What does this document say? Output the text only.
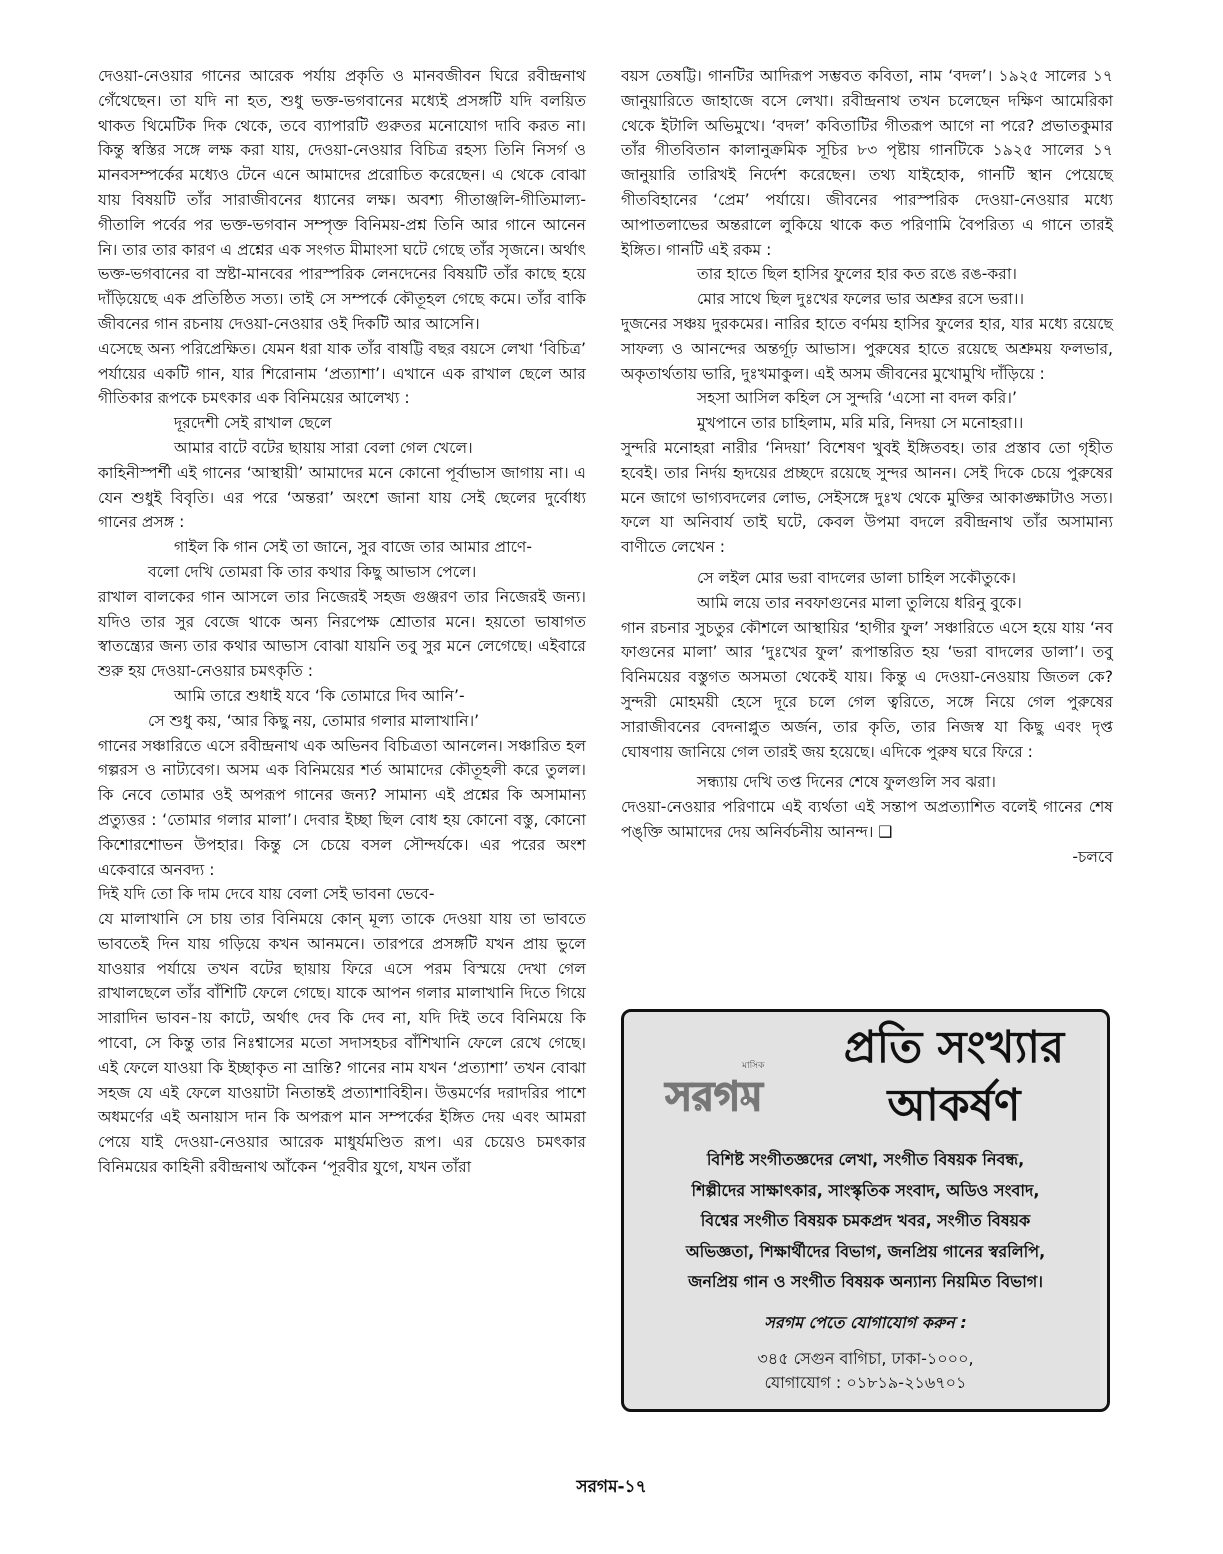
দেওয়া-নেওয়ার গানের আরেক পর্যায় প্রকৃতি ও মানবজীবন ঘিরে রবীন্দ্রনাথ গেঁথেছেন। তা যদি না হত, শুধু ভক্ত-ভগবানের মধ্যেই প্রসঙ্গটি যদি বলয়িত থাকত থিমেটিক দিক থেকে, তবে ব্যাপারটি গুরুতর মনোযোগ দাবি করত না। কিন্তু স্বস্তির সঙ্গে লক্ষ করা যায়, দেওয়া-নেওয়ার বিচিত্র রহস্য তিনি নিসর্গ ও মানবসম্পর্কের মধ্যেও টেনে এনে আমাদের প্ররোচিত করেছেন। এ থেকে বোঝা যায় বিষয়টি তাঁর সারাজীবনের ধ্যানের লক্ষ। অবশ্য গীতাঞ্জলি-গীতিমাল্য-গীতালি পর্বের পর ভক্ত-ভগবান সম্পৃক্ত বিনিময়-প্রশ্ন তিনি আর গানে আনেন নি। তার তার কারণ এ প্রশ্নের এক সংগত মীমাংসা ঘটে গেছে তাঁর সৃজনে। অর্থাৎ ভক্ত-ভগবানের বা স্রষ্টা-মানবের পারস্পরিক লেনদেনের বিষয়টি তাঁর কাছে হয়ে দাঁড়িয়েছে এক প্রতিষ্ঠিত সত্য। তাই সে সম্পর্কে কৌতূহল গেছে কমে। তাঁর বাকি জীবনের গান রচনায় দেওয়া-নেওয়ার ওই দিকটি আর আসেনি।

এসেছে অন্য পরিপ্রেক্ষিত। যেমন ধরা যাক তাঁর বাষট্টি বছর বয়সে লেখা ‘বিচিত্র’ পর্যায়ের একটি গান, যার শিরোনাম ‘প্রত্যাশা’। এখানে এক রাখাল ছেলে আর গীতিকার রূপকে চমৎকার এক বিনিময়ের আলেখ্য :

দূরদেশী সেই রাখাল ছেলে

আমার বাটে বটের ছায়ায় সারা বেলা গেল খেলে।

কাহিনীস্পর্শী এই গানের ‘আস্থায়ী’ আমাদের মনে কোনো পূর্বাভাস জাগায় না। এ যেন শুধুই বিবৃতি। এর পরে ‘অন্তরা’ অংশে জানা যায় সেই ছেলের দুর্বোধ্য গানের প্রসঙ্গ :

গাইল কি গান সেই তা জানে, সুর বাজে তার আমার প্রাণে-

বলো দেখি তোমরা কি তার কথার কিছু আভাস পেলে।

রাখাল বালকের গান আসলে তার নিজেরই সহজ গুঞ্জরণ তার নিজেরই জন্য। যদিও তার সুর বেজে থাকে অন্য নিরপেক্ষ শ্রোতার মনে। হয়তো ভাষাগত স্বাতন্ত্র্যের জন্য তার কথার আভাস বোঝা যায়নি তবু সুর মনে লেগেছে। এইবারে শুরু হয় দেওয়া-নেওয়ার চমৎকৃতি :

আমি তারে শুধাই যবে ‘কি তোমারে দিব আনি’-

সে শুধু কয়, ‘আর কিছু নয়, তোমার গলার মালাখানি।’

গানের সঞ্চারিতে এসে রবীন্দ্রনাথ এক অভিনব বিচিত্রতা আনলেন। সঞ্চারিত হল গল্পরস ও নাট্যবেগ। অসম এক বিনিময়ের শর্ত আমাদের কৌতূহলী করে তুলল। কি নেবে তোমার ওই অপরূপ গানের জন্য? সামান্য এই প্রশ্নের কি অসামান্য প্রত্যুত্তর : ‘তোমার গলার মালা’। দেবার ইচ্ছা ছিল বোধ হয় কোনো বস্তু, কোনো কিশোরশোভন উপহার। কিন্তু সে চেয়ে বসল সৌন্দর্যকে। এর পরের অংশ একেবারে অনবদ্য :

দিই যদি তো কি দাম দেবে যায় বেলা সেই ভাবনা ভেবে-

যে মালাখানি সে চায় তার বিনিময়ে কোন্‌ মূল্য তাকে দেওয়া যায় তা ভাবতে ভাবতেই দিন যায় গড়িয়ে কখন আনমনে। তারপরে প্রসঙ্গটি যখন প্রায় ভুলে যাওয়ার পর্যায়ে তখন বটের ছায়ায় ফিরে এসে পরম বিস্ময়ে দেখা গেল রাখালছেলে তাঁর বাঁশিটি ফেলে গেছে। যাকে আপন গলার মালাখানি দিতে গিয়ে সারাদিন ভাবন-ায় কাটে, অর্থাৎ দেব কি দেব না, যদি দিই তবে বিনিময়ে কি পাবো, সে কিন্তু তার নিঃশ্বাসের মতো সদাসহচর বাঁশিখানি ফেলে রেখে গেছে। এই ফেলে যাওয়া কি ইচ্ছাকৃত না ভ্রান্তি? গানের নাম যখন ‘প্রত্যাশা’ তখন বোঝা সহজ যে এই ফেলে যাওয়াটা নিতান্তই প্রত্যাশাবিহীন। উত্তমর্ণের দরাদরির পাশে অধমর্ণের এই অনায়াস দান কি অপরূপ মান সম্পর্কের ইঙ্গিত দেয় এবং আমরা পেয়ে যাই দেওয়া-নেওয়ার আরেক মাধুর্যমণ্ডিত রূপ। এর চেয়েও চমৎকার বিনিময়ের কাহিনী রবীন্দ্রনাথ আঁকেন ‘পূরবীর যুগে, যখন তাঁরা

বয়স তেষট্টি। গানটির আদিরূপ সম্ভবত কবিতা, নাম ‘বদল’। ১৯২৫ সালের ১৭ জানুয়ারিতে জাহাজে বসে লেখা। রবীন্দ্রনাথ তখন চলেছেন দক্ষিণ আমেরিকা থেকে ইটালি অভিমুখে। ‘বদল’ কবিতাটির গীতরূপ আগে না পরে? প্রভাতকুমার তাঁর গীতবিতান কালানুক্রমিক সূচির ৮৩ পৃষ্টায় গানটিকে ১৯২৫ সালের ১৭ জানুয়ারি তারিখই নির্দেশ করেছেন। তথ্য যাইহোক, গানটি স্থান পেয়েছে গীতবিহানের ‘প্রেম’ পর্যায়ে। জীবনের পারস্পরিক দেওয়া-নেওয়ার মধ্যে আপাতলাভের অন্তরালে লুকিয়ে থাকে কত পরিণামি বৈপরিত্য এ গানে তারই ইঙ্গিত। গানটি এই রকম :

তার হাতে ছিল হাসির ফুলের হার কত রঙে রঙ-করা।

মোর সাথে ছিল দুঃখের ফলের ভার অশ্রুর রসে ভরা।।

দুজনের সঞ্চয় দুরকমের। নারির হাতে বর্ণময় হাসির ফুলের হার, যার মধ্যে রয়েছে সাফল্য ও আনন্দের অন্তর্গূঢ় আভাস। পুরুষের হাতে রয়েছে অশ্রুময় ফলভার, অকৃতার্থতায় ভারি, দুঃখমাকুল। এই অসম জীবনের মুখোমুখি দাঁড়িয়ে :

সহসা আসিল কহিল সে সুন্দরি ‘এসো না বদল করি।’

মুখপানে তার চাহিলাম, মরি মরি, নিদয়া সে মনোহরা।।

সুন্দরি মনোহরা নারীর ‘নিদয়া’ বিশেষণ খুবই ইঙ্গিতবহ। তার প্রস্তাব তো গৃহীত হবেই। তার নির্দয় হৃদয়ের প্রচ্ছদে রয়েছে সুন্দর আনন। সেই দিকে চেয়ে পুরুষের মনে জাগে ভাগ্যবদলের লোভ, সেইসঙ্গে দুঃখ থেকে মুক্তির আকাঙ্ক্ষাটাও সত্য। ফলে যা অনিবার্য তাই ঘটে, কেবল উপমা বদলে রবীন্দ্রনাথ তাঁর অসামান্য বাণীতে লেখেন :

সে লইল মোর ভরা বাদলের ডালা চাহিল সকৌতুকে।

আমি লয়ে তার নবফাগুনের মালা তুলিয়ে ধরিনু বুকে।

গান রচনার সুচতুর কৌশলে আস্থায়ির ‘হাগীর ফুল’ সঞ্চারিতে এসে হয়ে যায় ‘নব ফাগুনের মালা’ আর ‘দুঃখের ফুল’ রূপান্তরিত হয় ‘ভরা বাদলের ডালা’। তবু বিনিময়ের বস্তুগত অসমতা থেকেই যায়। কিন্তু এ দেওয়া-নেওয়ায় জিতল কে? সুন্দরী মোহময়ী হেসে দূরে চলে গেল ত্বরিতে, সঙ্গে নিয়ে গেল পুরুষের সারাজীবনের বেদনাপ্লুত অর্জন, তার কৃতি, তার নিজস্ব যা কিছু এবং দৃপ্ত ঘোষণায় জানিয়ে গেল তারই জয় হয়েছে। এদিকে পুরুষ ঘরে ফিরে :

সন্ধ্যায় দেখি তপ্ত দিনের শেষে ফুলগুলি সব ঝরা।

দেওয়া-নেওয়ার পরিণামে এই ব্যর্থতা এই সন্তাপ অপ্রত্যাশিত বলেই গানের শেষ পঙ্‌ক্তি আমাদের দেয় অনির্বচনীয় আনন্দ। ❑

-চলবে

মাসিক
সরগম
প্রতি সংখ্যার
আকর্ষণ
বিশিষ্ট সংগীতজ্ঞদের লেখা, সংগীত বিষয়ক নিবন্ধ,
শিল্পীদের সাক্ষাৎকার, সাংস্কৃতিক সংবাদ, অডিও সংবাদ,
বিশ্বের সংগীত বিষয়ক চমকপ্রদ খবর, সংগীত বিষয়ক
অভিজ্ঞতা, শিক্ষার্থীদের বিভাগ, জনপ্রিয় গানের স্বরলিপি,
জনপ্রিয় গান ও সংগীত বিষয়ক অন্যান্য নিয়মিত বিভাগ।
সরগম পেতে যোগাযোগ করুন :
৩৪৫ সেগুন বাগিচা, ঢাকা-১০০০,
যোগাযোগ : ০১৮১৯-২১৬৭০১
সরগম-১৭
